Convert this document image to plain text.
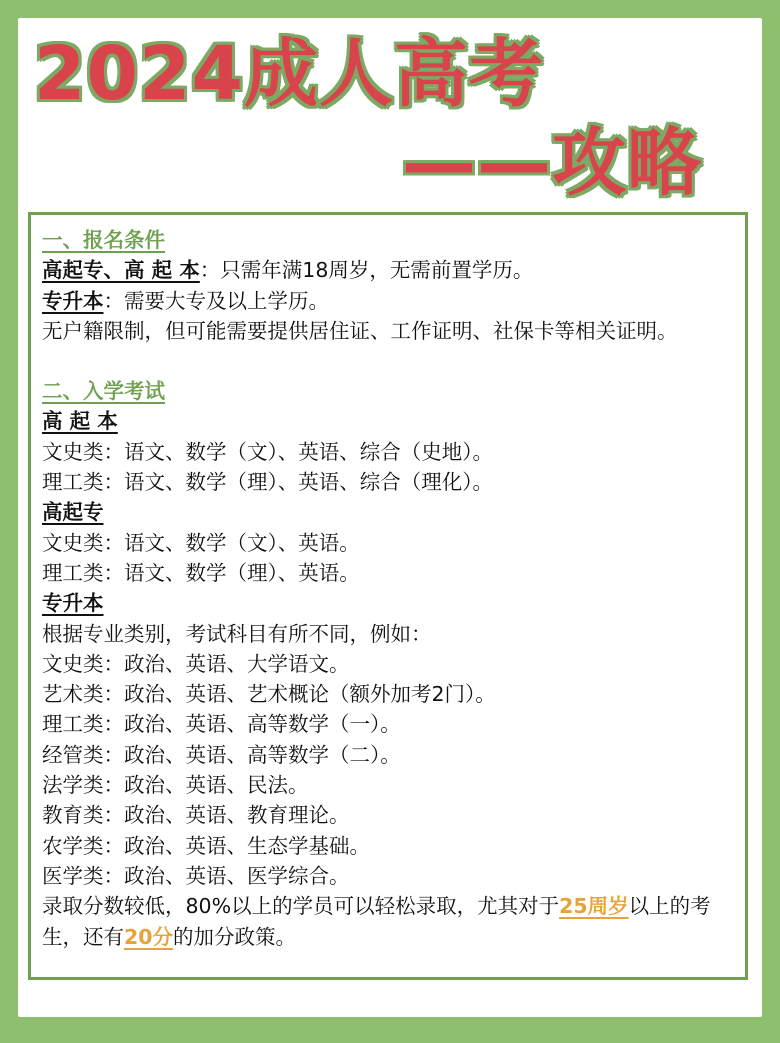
2024成人高考
——攻略
一、报名条件
高起专、高 起 本：只需年满18周岁，无需前置学历。
专升本：需要大专及以上学历。
无户籍限制，但可能需要提供居住证、工作证明、社保卡等相关证明。
二、入学考试
高 起 本
文史类：语文、数学（文）、英语、综合（史地）。
理工类：语文、数学（理）、英语、综合（理化）。
高起专
文史类：语文、数学（文）、英语。
理工类：语文、数学（理）、英语。
专升本
根据专业类别，考试科目有所不同，例如：
文史类：政治、英语、大学语文。
艺术类：政治、英语、艺术概论（额外加考2门）。
理工类：政治、英语、高等数学（一）。
经管类：政治、英语、高等数学（二）。
法学类：政治、英语、民法。
教育类：政治、英语、教育理论。
农学类：政治、英语、生态学基础。
医学类：政治、英语、医学综合。
录取分数较低，80%以上的学员可以轻松录取，尤其对于25周岁以上的考生，还有20分的加分政策。
